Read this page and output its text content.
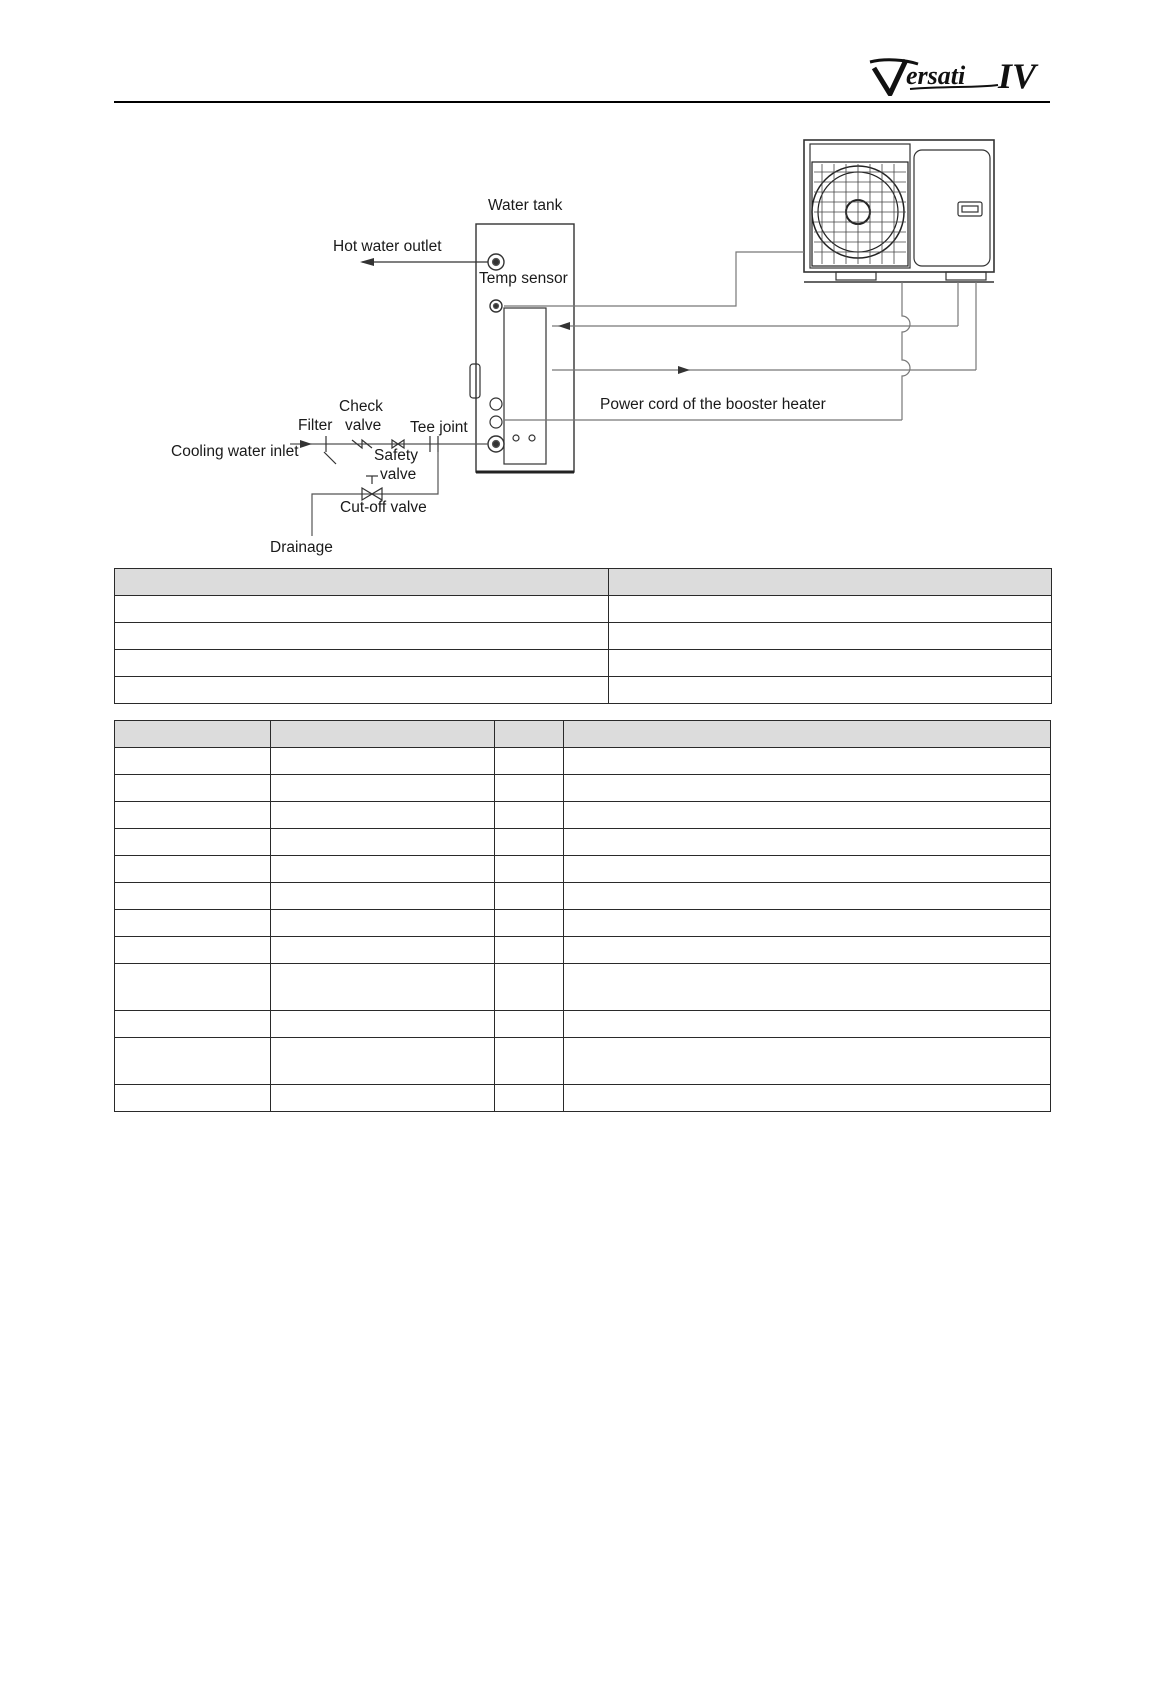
ersati IV
Water tank
Hot water outlet
Temp sensor
Power cord of the booster heater
Check
valve
Filter	Tee joint
Cooling water inlet	Safety
valve
Cut-off valve
Drainage
